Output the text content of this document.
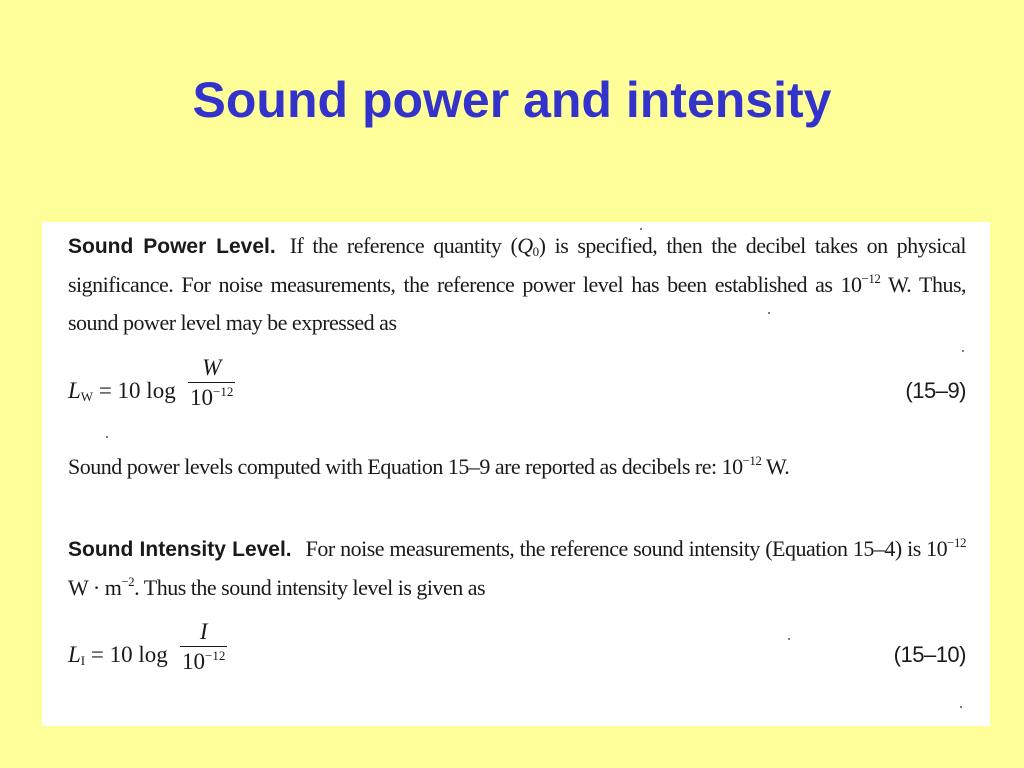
Sound power and intensity
Sound Power Level. If the reference quantity $(Q_0)$ is specified, then the decibel takes on physical significance. For noise measurements, the reference power level has been established as $10^{-12}$ W. Thus, sound power level may be expressed as
$L_W = 10$ $\log \frac{W}{10^{-12}}$	(15–9)
Sound power levels computed with Equation 15–9 are reported as decibels re: $10^{-12}$ W.
Sound Intensity Level. For noise measurements, the reference sound intensity (Equation 15–4) is $10^{-12}$ $W \cdot m^{-2}$. Thus the sound intensity level is given as
$L_I = 10$ $\log \frac{I}{10^{-12}}$	(15–10)
